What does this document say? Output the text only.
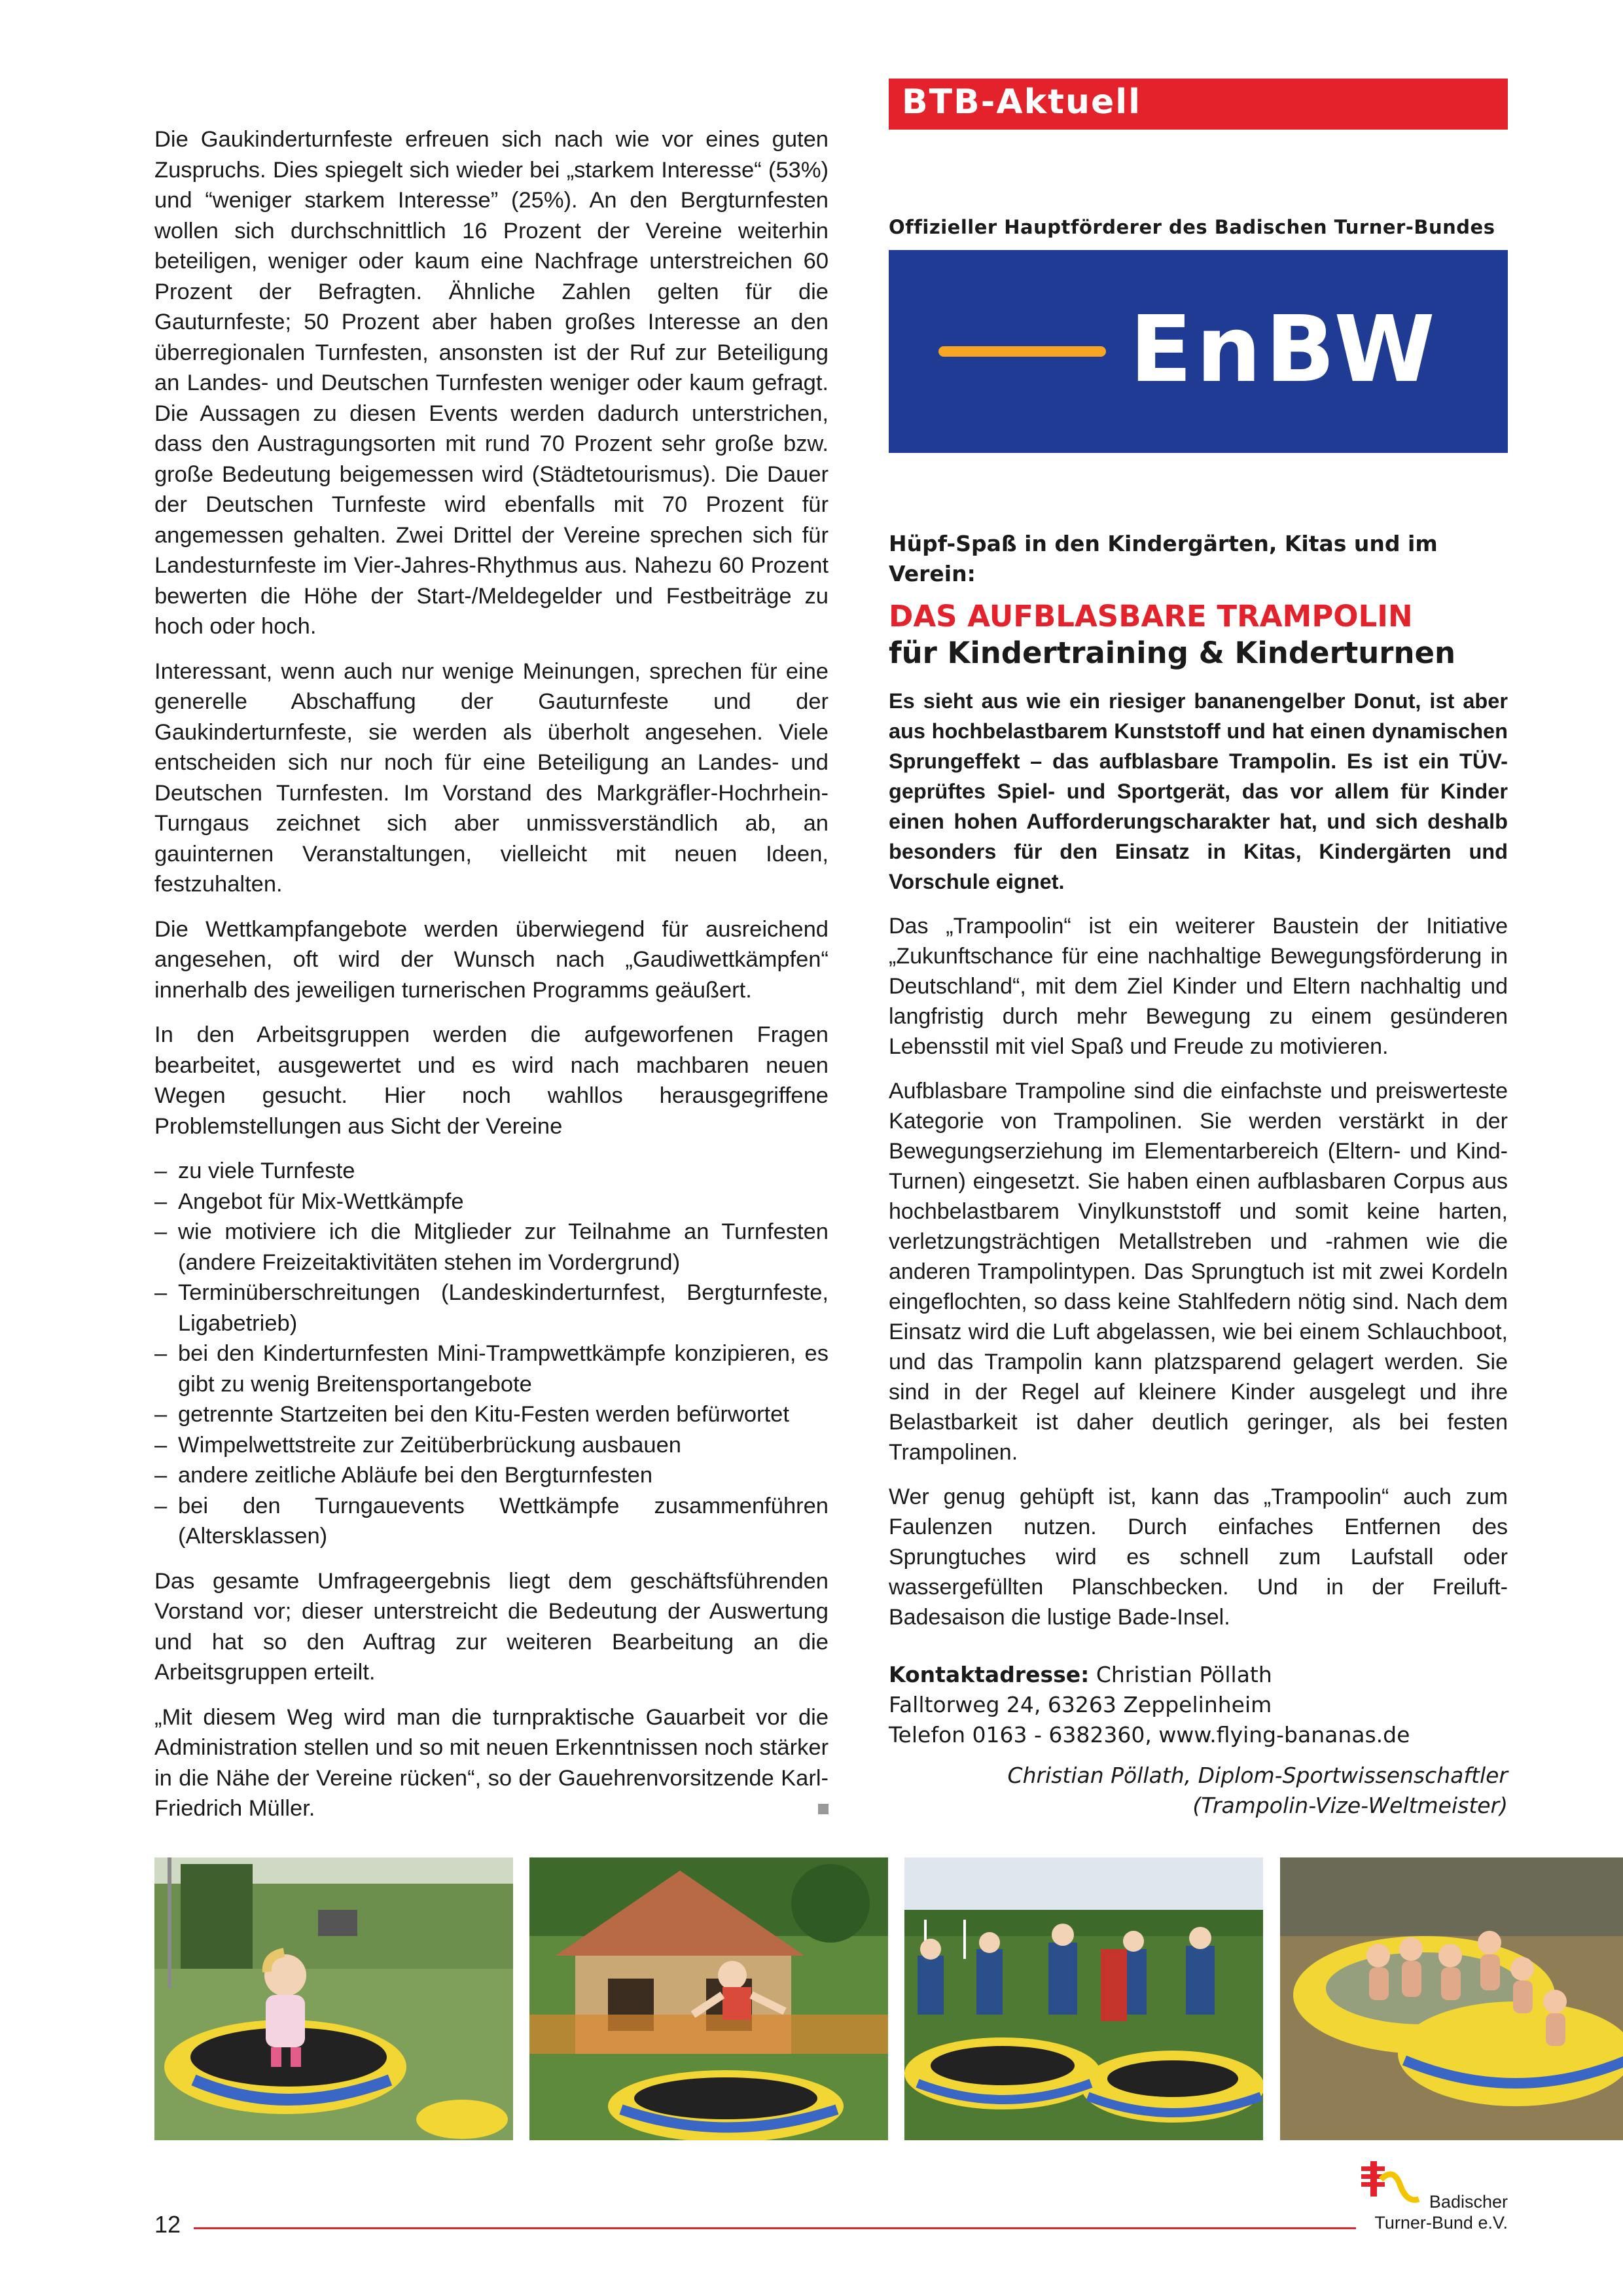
Die Gaukinderturnfeste erfreuen sich nach wie vor eines guten Zuspruchs. Dies spiegelt sich wieder bei „starkem Interesse“ (53%) und “weniger starkem Interesse” (25%). An den Bergturnfesten wollen sich durchschnittlich 16 Prozent der Vereine weiterhin beteiligen, weniger oder kaum eine Nachfrage unterstreichen 60 Prozent der Befragten. Ähnliche Zahlen gelten für die Gauturnfeste; 50 Prozent aber haben großes Interesse an den überregionalen Turnfesten, ansonsten ist der Ruf zur Beteiligung an Landes- und Deutschen Turnfesten weniger oder kaum gefragt. Die Aussagen zu diesen Events werden dadurch unterstrichen, dass den Austragungsorten mit rund 70 Prozent sehr große bzw. große Bedeutung beigemessen wird (Städtetourismus). Die Dauer der Deutschen Turnfeste wird ebenfalls mit 70 Prozent für angemessen gehalten. Zwei Drittel der Vereine sprechen sich für Landesturnfeste im Vier-Jahres-Rhythmus aus. Nahezu 60 Prozent bewerten die Höhe der Start-/Meldegelder und Festbeiträge zu hoch oder hoch.

Interessant, wenn auch nur wenige Meinungen, sprechen für eine generelle Abschaffung der Gauturnfeste und der Gaukinderturnfeste, sie werden als überholt angesehen. Viele entscheiden sich nur noch für eine Beteiligung an Landes- und Deutschen Turnfesten. Im Vorstand des Markgräfler-Hochrhein-Turngaus zeichnet sich aber unmissverständlich ab, an gauinternen Veranstaltungen, vielleicht mit neuen Ideen, festzuhalten.

Die Wettkampfangebote werden überwiegend für ausreichend angesehen, oft wird der Wunsch nach „Gaudiwettkämpfen“ innerhalb des jeweiligen turnerischen Programms geäußert.

In den Arbeitsgruppen werden die aufgeworfenen Fragen bearbeitet, ausgewertet und es wird nach machbaren neuen Wegen gesucht. Hier noch wahllos herausgegriffene Problemstellungen aus Sicht der Vereine

– zu viele Turnfeste
– Angebot für Mix-Wettkämpfe
– wie motiviere ich die Mitglieder zur Teilnahme an Turnfesten (andere Freizeitaktivitäten stehen im Vordergrund)
– Terminüberschreitungen (Landeskinderturnfest, Bergturnfeste, Ligabetrieb)
– bei den Kinderturnfesten Mini-Trampwettkämpfe konzipieren, es gibt zu wenig Breitensportangebote
– getrennte Startzeiten bei den Kitu-Festen werden befürwortet
– Wimpelwettstreite zur Zeitüberbrückung ausbauen
– andere zeitliche Abläufe bei den Bergturnfesten
– bei den Turngauevents Wettkämpfe zusammenführen (Altersklassen)

Das gesamte Umfrageergebnis liegt dem geschäftsführenden Vorstand vor; dieser unterstreicht die Bedeutung der Auswertung und hat so den Auftrag zur weiteren Bearbeitung an die Arbeitsgruppen erteilt.

„Mit diesem Weg wird man die turnpraktische Gauarbeit vor die Administration stellen und so mit neuen Erkenntnissen noch stärker in die Nähe der Vereine rücken“, so der Gauehrenvorsitzende Karl-Friedrich Müller.

BTB-Aktuell
Offizieller Hauptförderer des Badischen Turner-Bundes
EnBW
Hüpf-Spaß in den Kindergärten, Kitas und im Verein:
DAS AUFBLASBARE TRAMPOLIN
für Kindertraining & Kinderturnen

Es sieht aus wie ein riesiger bananengelber Donut, ist aber aus hochbelastbarem Kunststoff und hat einen dynamischen Sprungeffekt – das aufblasbare Trampolin. Es ist ein TÜV-geprüftes Spiel- und Sportgerät, das vor allem für Kinder einen hohen Aufforderungscharakter hat, und sich deshalb besonders für den Einsatz in Kitas, Kindergärten und Vorschule eignet.

Das „Trampoolin“ ist ein weiterer Baustein der Initiative „Zukunftschance für eine nachhaltige Bewegungsförderung in Deutschland“, mit dem Ziel Kinder und Eltern nachhaltig und langfristig durch mehr Bewegung zu einem gesünderen Lebensstil mit viel Spaß und Freude zu motivieren.

Aufblasbare Trampoline sind die einfachste und preiswerteste Kategorie von Trampolinen. Sie werden verstärkt in der Bewegungserziehung im Elementarbereich (Eltern- und Kind-Turnen) eingesetzt. Sie haben einen aufblasbaren Corpus aus hochbelastbarem Vinylkunststoff und somit keine harten, verletzungsträchtigen Metallstreben und -rahmen wie die anderen Trampolintypen. Das Sprungtuch ist mit zwei Kordeln eingeflochten, so dass keine Stahlfedern nötig sind. Nach dem Einsatz wird die Luft abgelassen, wie bei einem Schlauchboot, und das Trampolin kann platzsparend gelagert werden. Sie sind in der Regel auf kleinere Kinder ausgelegt und ihre Belastbarkeit ist daher deutlich geringer, als bei festen Trampolinen.

Wer genug gehüpft ist, kann das „Trampoolin“ auch zum Faulenzen nutzen. Durch einfaches Entfernen des Sprungtuches wird es schnell zum Laufstall oder wassergefüllten Planschbecken. Und in der Freiluft-Badesaison die lustige Bade-Insel.

Kontaktadresse: Christian Pöllath
Falltorweg 24, 63263 Zeppelinheim
Telefon 0163 - 6382360, www.flying-bananas.de
Christian Pöllath, Diplom-Sportwissenschaftler
(Trampolin-Vize-Weltmeister)
12
Badischer
Turner-Bund e.V.
